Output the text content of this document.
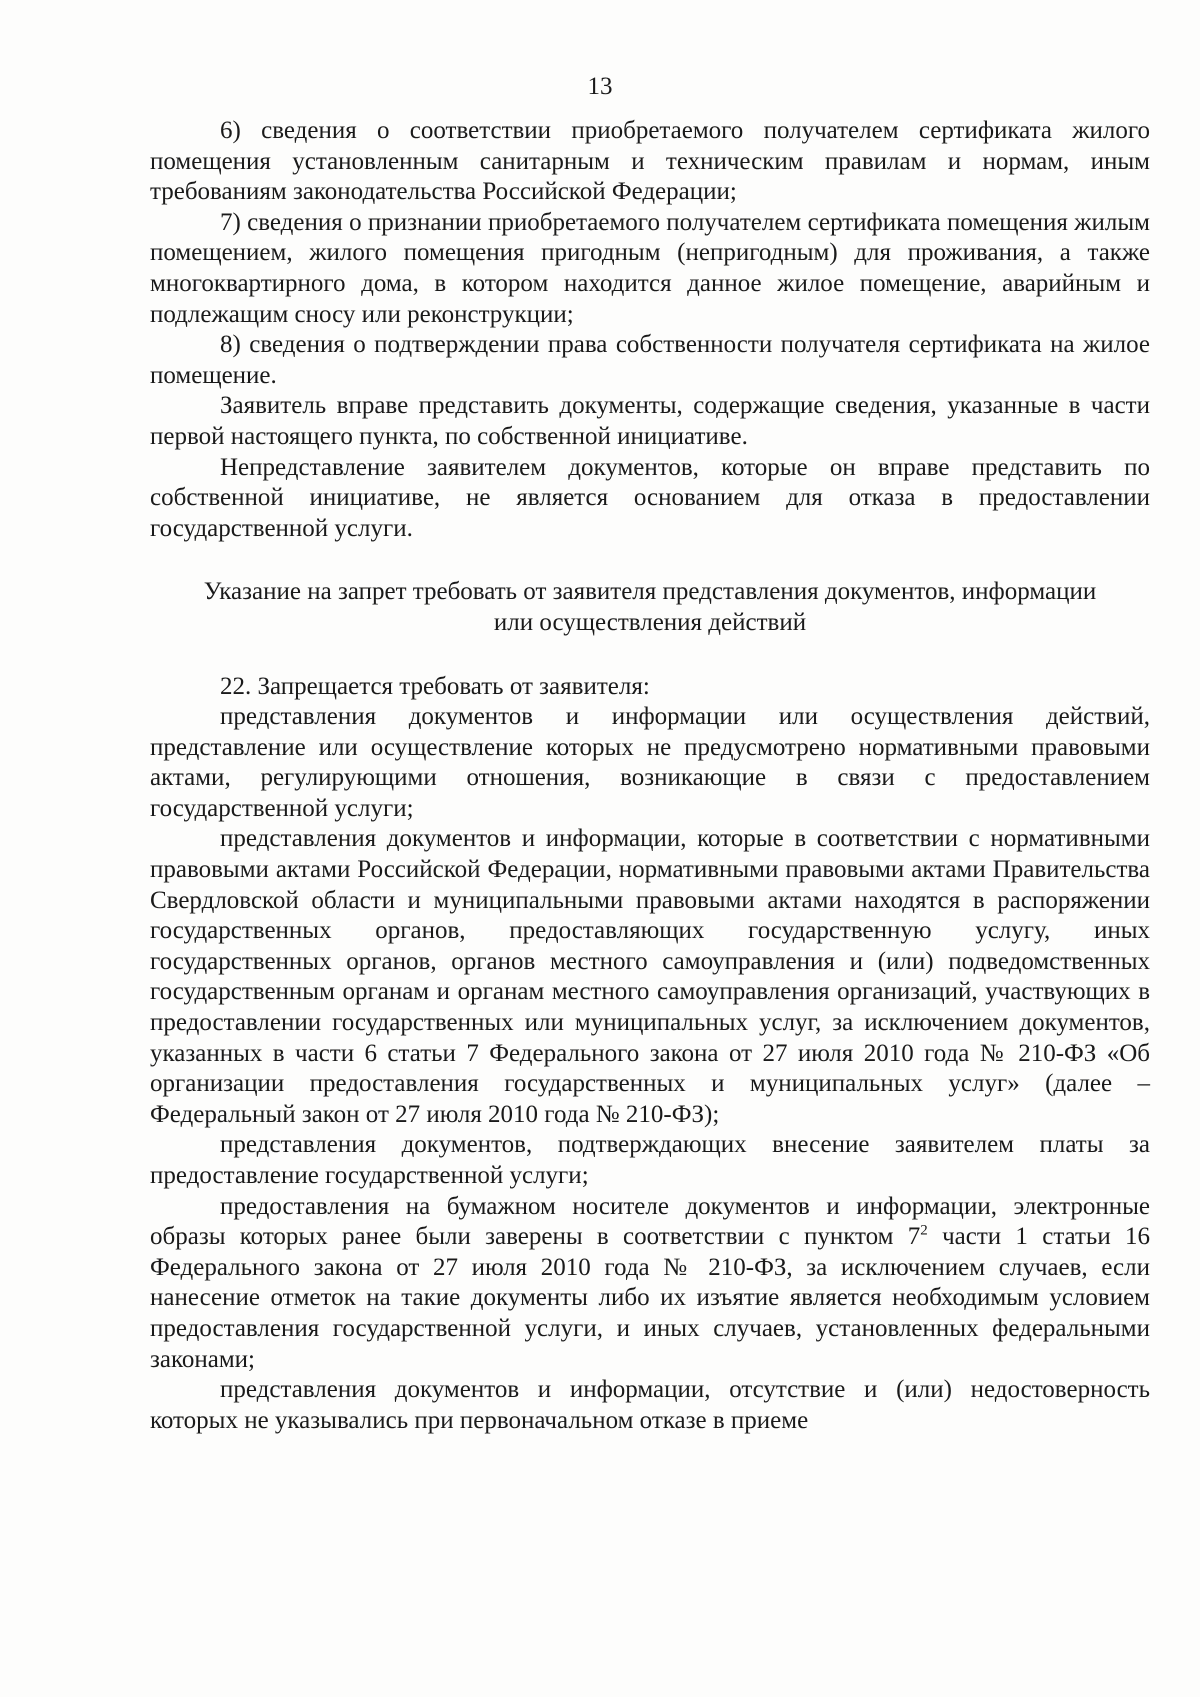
13

6) сведения о соответствии приобретаемого получателем сертификата жилого помещения установленным санитарным и техническим правилам и нормам, иным требованиям законодательства Российской Федерации;

7) сведения о признании приобретаемого получателем сертификата помещения жилым помещением, жилого помещения пригодным (непригодным) для проживания, а также многоквартирного дома, в котором находится данное жилое помещение, аварийным и подлежащим сносу или реконструкции;

8) сведения о подтверждении права собственности получателя сертификата на жилое помещение.

Заявитель вправе представить документы, содержащие сведения, указанные в части первой настоящего пункта, по собственной инициативе.

Непредставление заявителем документов, которые он вправе представить по собственной инициативе, не является основанием для отказа в предоставлении государственной услуги.

Указание на запрет требовать от заявителя представления документов, информации или осуществления действий

22. Запрещается требовать от заявителя:

представления документов и информации или осуществления действий, представление или осуществление которых не предусмотрено нормативными правовыми актами, регулирующими отношения, возникающие в связи с предоставлением государственной услуги;

представления документов и информации, которые в соответствии с нормативными правовыми актами Российской Федерации, нормативными правовыми актами Правительства Свердловской области и муниципальными правовыми актами находятся в распоряжении государственных органов, предоставляющих государственную услугу, иных государственных органов, органов местного самоуправления и (или) подведомственных государственным органам и органам местного самоуправления организаций, участвующих в предоставлении государственных или муниципальных услуг, за исключением документов, указанных в части 6 статьи 7 Федерального закона от 27 июля 2010 года № 210-ФЗ «Об организации предоставления государственных и муниципальных услуг» (далее – Федеральный закон от 27 июля 2010 года № 210-ФЗ);

представления документов, подтверждающих внесение заявителем платы за предоставление государственной услуги;

предоставления на бумажном носителе документов и информации, электронные образы которых ранее были заверены в соответствии с пунктом $7^2$ части 1 статьи 16 Федерального закона от 27 июля 2010 года № 210-ФЗ, за исключением случаев, если нанесение отметок на такие документы либо их изъятие является необходимым условием предоставления государственной услуги, и иных случаев, установленных федеральными законами;

представления документов и информации, отсутствие и (или) недостоверность которых не указывались при первоначальном отказе в приеме
